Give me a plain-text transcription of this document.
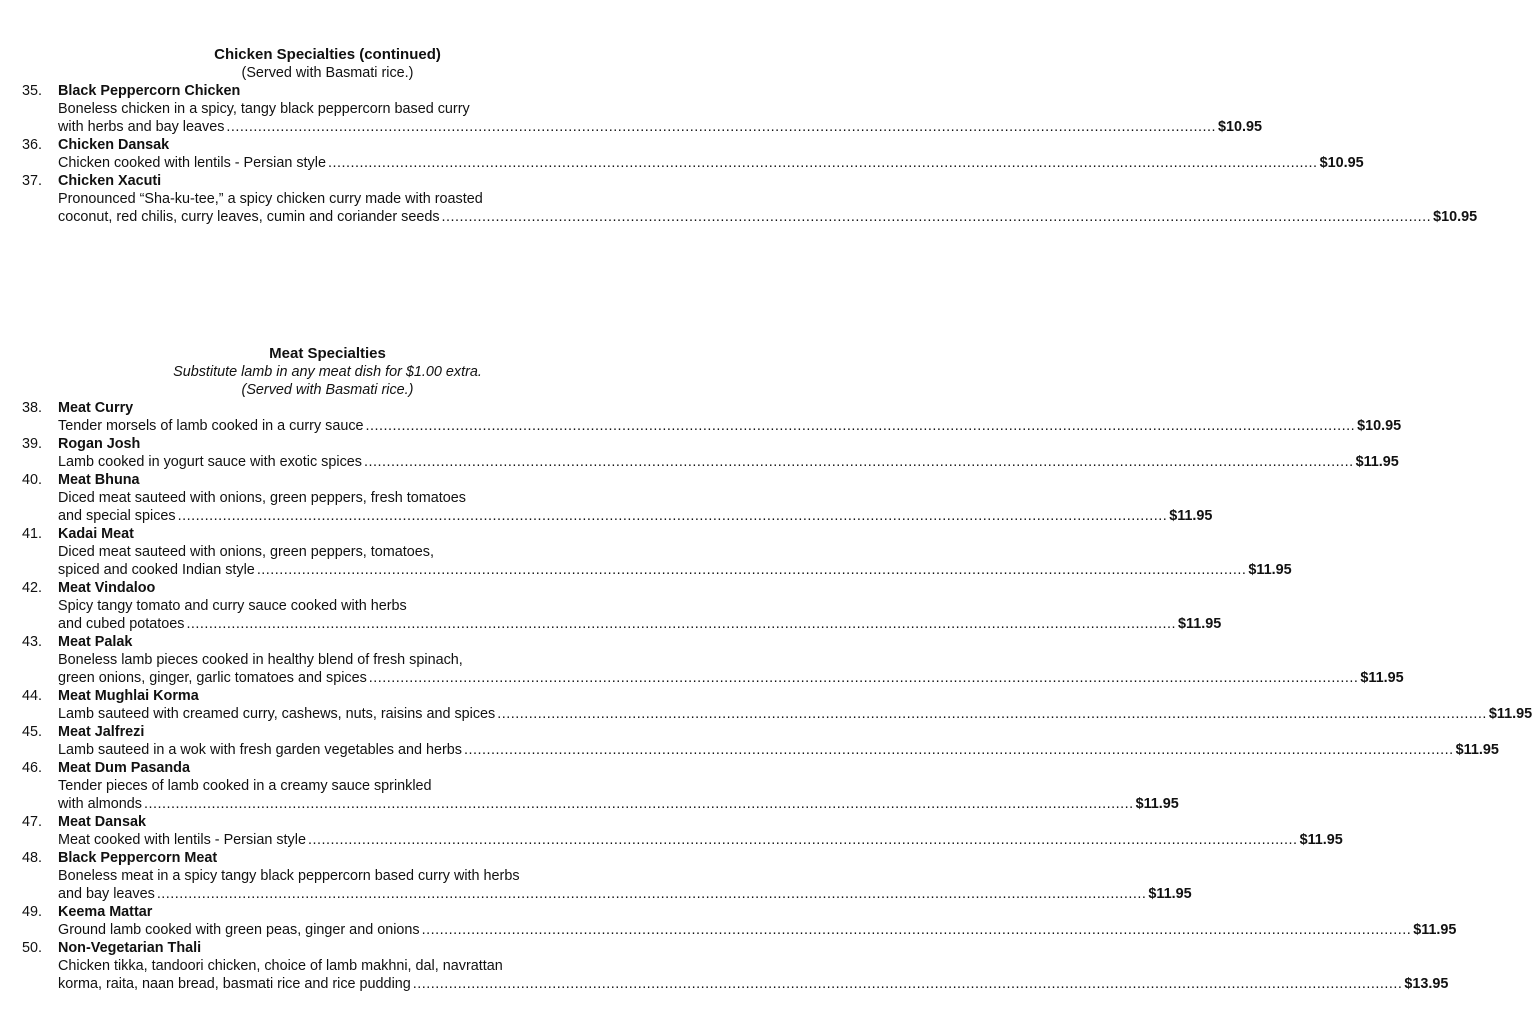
Chicken Specialties (continued)
(Served with Basmati rice.)
35.	Black Peppercorn Chicken
Boneless chicken in a spicy, tangy black peppercorn based curry
with herbs and bay leaves ............................................................................................................................................................................................................................ $10.95
36.	Chicken Dansak
Chicken cooked with lentils - Persian style ............................................................................................................................................................................................................................ $10.95
37.	Chicken Xacuti
Pronounced “Sha-ku-tee,” a spicy chicken curry made with roasted
coconut, red chilis, curry leaves, cumin and coriander seeds ............................................................................................................................................................................................................................ $10.95
Meat Specialties
Substitute lamb in any meat dish for $1.00 extra.
(Served with Basmati rice.)
38.	Meat Curry
Tender morsels of lamb cooked in a curry sauce ............................................................................................................................................................................................................................ $10.95
39.	Rogan Josh
Lamb cooked in yogurt sauce with exotic spices ............................................................................................................................................................................................................................ $11.95
40.	Meat Bhuna
Diced meat sauteed with onions, green peppers, fresh tomatoes
and special spices ............................................................................................................................................................................................................................ $11.95
41.	Kadai Meat
Diced meat sauteed with onions, green peppers, tomatoes,
spiced and cooked Indian style ............................................................................................................................................................................................................................ $11.95
42.	Meat Vindaloo
Spicy tangy tomato and curry sauce cooked with herbs
and cubed potatoes ............................................................................................................................................................................................................................ $11.95
43.	Meat Palak
Boneless lamb pieces cooked in healthy blend of fresh spinach,
green onions, ginger, garlic tomatoes and spices ............................................................................................................................................................................................................................ $11.95
44.	Meat Mughlai Korma
Lamb sauteed with creamed curry, cashews, nuts, raisins and spices ............................................................................................................................................................................................................................ $11.95
45.	Meat Jalfrezi
Lamb sauteed in a wok with fresh garden vegetables and herbs ............................................................................................................................................................................................................................ $11.95
46.	Meat Dum Pasanda
Tender pieces of lamb cooked in a creamy sauce sprinkled
with almonds ............................................................................................................................................................................................................................ $11.95
47.	Meat Dansak
Meat cooked with lentils - Persian style ............................................................................................................................................................................................................................ $11.95
48.	Black Peppercorn Meat
Boneless meat in a spicy tangy black peppercorn based curry with herbs
and bay leaves ............................................................................................................................................................................................................................ $11.95
49.	Keema Mattar
Ground lamb cooked with green peas, ginger and onions ............................................................................................................................................................................................................................ $11.95
50.	Non-Vegetarian Thali
Chicken tikka, tandoori chicken, choice of lamb makhni, dal, navrattan
korma, raita, naan bread, basmati rice and rice pudding ............................................................................................................................................................................................................................ $13.95
